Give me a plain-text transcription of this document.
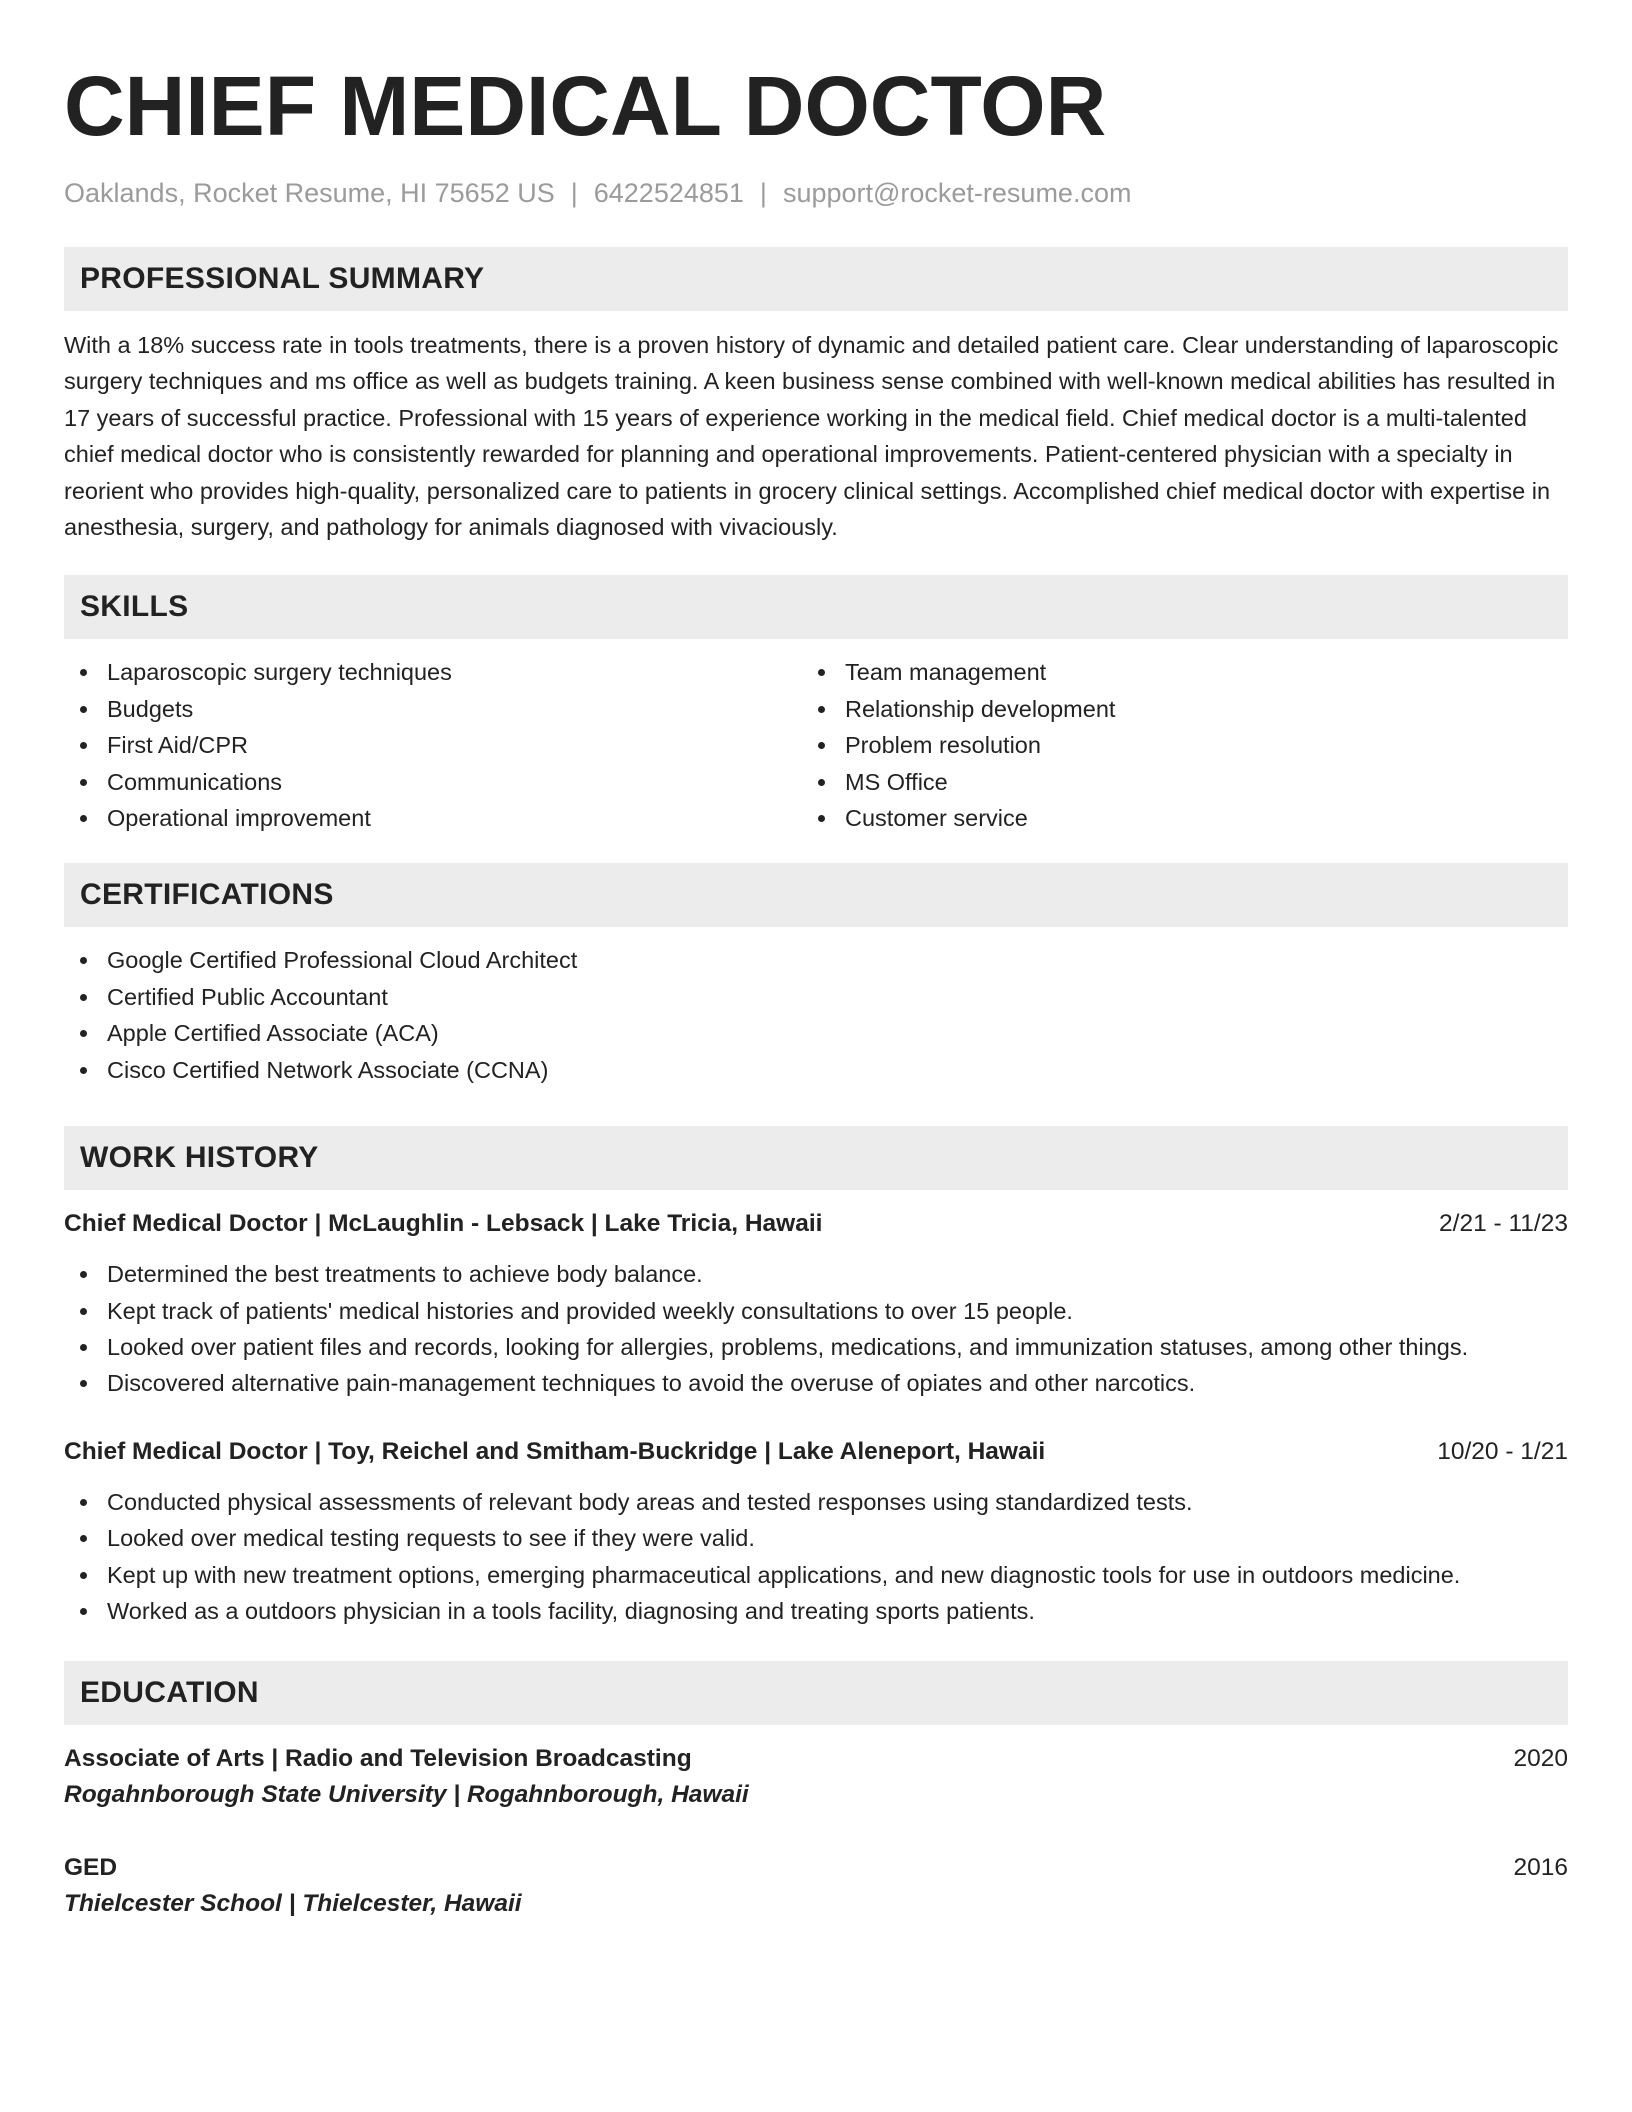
CHIEF MEDICAL DOCTOR
Oaklands, Rocket Resume, HI 75652 US | 6422524851 | support@rocket-resume.com
PROFESSIONAL SUMMARY

With a 18% success rate in tools treatments, there is a proven history of dynamic and detailed patient care. Clear understanding of laparoscopic surgery techniques and ms office as well as budgets training. A keen business sense combined with well-known medical abilities has resulted in 17 years of successful practice. Professional with 15 years of experience working in the medical field. Chief medical doctor is a multi-talented chief medical doctor who is consistently rewarded for planning and operational improvements. Patient-centered physician with a specialty in reorient who provides high-quality, personalized care to patients in grocery clinical settings. Accomplished chief medical doctor with expertise in anesthesia, surgery, and pathology for animals diagnosed with vivaciously.

SKILLS
Laparoscopic surgery techniques
Budgets
First Aid/CPR
Communications
Operational improvement
Team management
Relationship development
Problem resolution
MS Office
Customer service
CERTIFICATIONS
Google Certified Professional Cloud Architect
Certified Public Accountant
Apple Certified Associate (ACA)
Cisco Certified Network Associate (CCNA)
WORK HISTORY
Chief Medical Doctor | McLaughlin - Lebsack | Lake Tricia, Hawaii	2/21 - 11/23
Determined the best treatments to achieve body balance.
Kept track of patients' medical histories and provided weekly consultations to over 15 people.
Looked over patient files and records, looking for allergies, problems, medications, and immunization statuses, among other things.
Discovered alternative pain-management techniques to avoid the overuse of opiates and other narcotics.
Chief Medical Doctor | Toy, Reichel and Smitham-Buckridge | Lake Aleneport, Hawaii	10/20 - 1/21
Conducted physical assessments of relevant body areas and tested responses using standardized tests.
Looked over medical testing requests to see if they were valid.
Kept up with new treatment options, emerging pharmaceutical applications, and new diagnostic tools for use in outdoors medicine.
Worked as a outdoors physician in a tools facility, diagnosing and treating sports patients.
EDUCATION
Associate of Arts | Radio and Television Broadcasting	2020
Rogahnborough State University | Rogahnborough, Hawaii
GED	2016
Thielcester School | Thielcester, Hawaii
